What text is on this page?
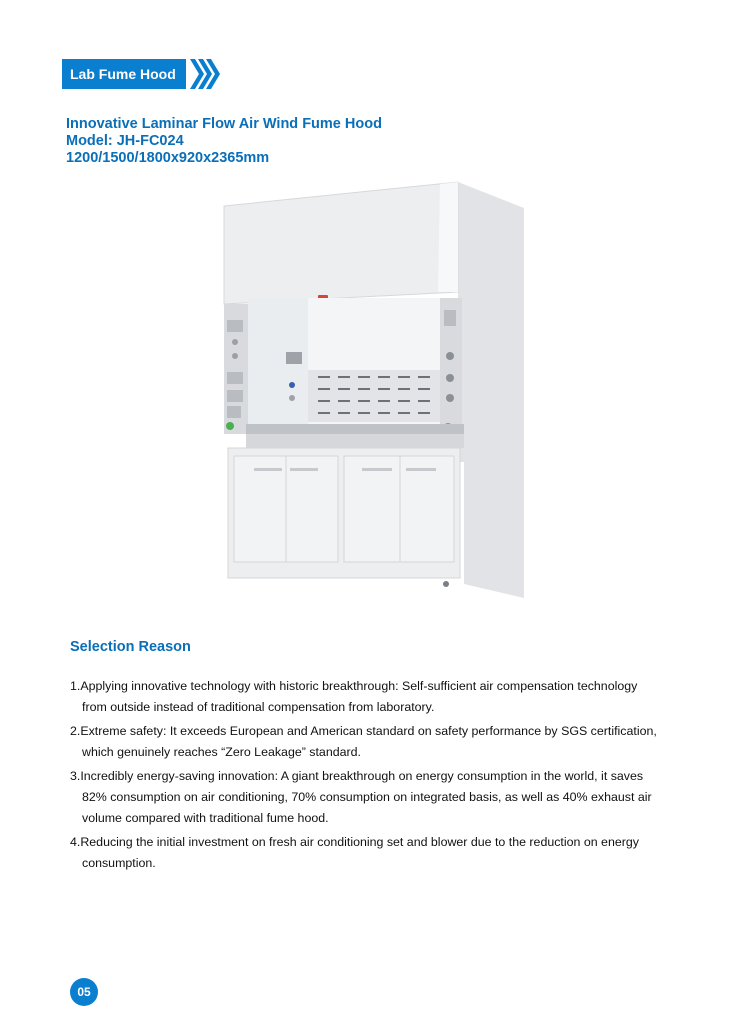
Lab Fume Hood
Innovative Laminar Flow Air Wind Fume Hood
Model: JH-FC024
1200/1500/1800x920x2365mm
Selection Reason
1.Applying innovative technology with historic breakthrough: Self-sufficient air compensation technology
from outside instead of traditional compensation from laboratory.
2.Extreme safety: It exceeds European and American standard on safety performance by SGS certification,
which genuinely reaches “Zero Leakage” standard.
3.Incredibly energy-saving innovation: A giant breakthrough on energy consumption in the world, it saves
82% consumption on air conditioning, 70% consumption on integrated basis, as well as 40% exhaust air
volume compared with traditional fume hood.
4.Reducing the initial investment on fresh air conditioning set and blower due to the reduction on energy
consumption.
05
